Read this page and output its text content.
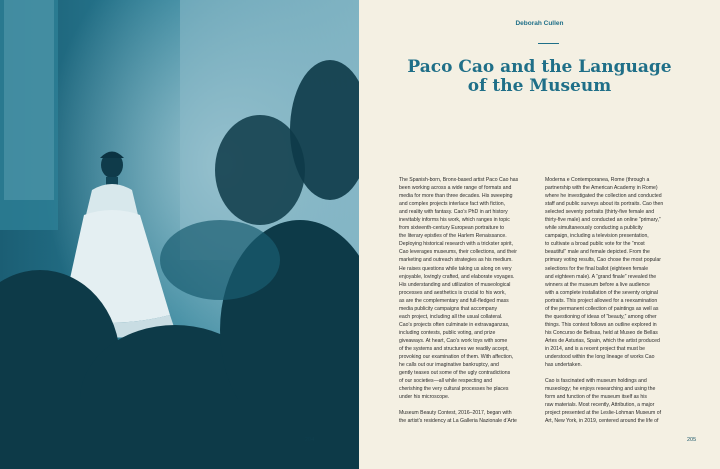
204
Deborah Cullen
Paco Cao and the Language
of the Museum

The Spanish-born, Bronx-based artist Paco Cao has

been working across a wide range of formats and

media for more than three decades. His sweeping

and complex projects interlace fact with fiction,

and reality with fantasy. Cao’s PhD in art history

inevitably informs his work, which ranges in topic

from sixteenth-century European portraiture to

the literary epistles of the Harlem Renaissance.

Deploying historical research with a trickster spirit,

Cao leverages museums, their collections, and their

marketing and outreach strategies as his medium.

He raises questions while taking us along on very

enjoyable, lovingly crafted, and elaborate voyages.

His understanding and utilization of museological

processes and aesthetics is crucial to his work,

as are the complementary and full-fledged mass

media publicity campaigns that accompany

each project, including all the usual collateral.

Cao’s projects often culminate in extravaganzas,

including contests, public voting, and prize

giveaways. At heart, Cao’s work toys with some

of the systems and structures we readily accept,

provoking our examination of them. With affection,

he calls out our imaginative bankruptcy, and

gently teases out some of the ugly contradictions

of our societies—all while respecting and

cherishing the very cultural processes he places

under his microscope.

Museum Beauty Contest, 2016–2017, began with

the artist’s residency at La Galleria Nazionale d’Arte

Moderna e Contemporanea, Rome (through a

partnership with the American Academy in Rome)

where he investigated the collection and conducted

staff and public surveys about its portraits. Cao then

selected seventy portraits (thirty-five female and

thirty-five male) and conducted an online “primary,”

while simultaneously conducting a publicity

campaign, including a television presentation,

to cultivate a broad public vote for the “most

beautiful” male and female depicted. From the

primary voting results, Cao chose the most popular

selections for the final ballot (eighteen female

and eighteen male). A “grand finale” revealed the

winners at the museum before a live audience

with a complete installation of the seventy original

portraits. This project allowed for a reexamination

of the permanent collection of paintings as well as

the questioning of ideas of “beauty,” among other

things. This contest follows an outline explored in

his Concurso de Bellsas, held at Museo de Bellas

Artes de Asturias, Spain, which the artist produced

in 2014, and is a recent project that must be

understood within the long lineage of works Cao

has undertaken.

Cao is fascinated with museum holdings and

museology; he enjoys researching and using the

form and function of the museum itself as his

raw materials. Most recently, Attribution, a major

project presented at the Leslie-Lohman Museum of

Art, New York, in 2019, centered around the life of

205
